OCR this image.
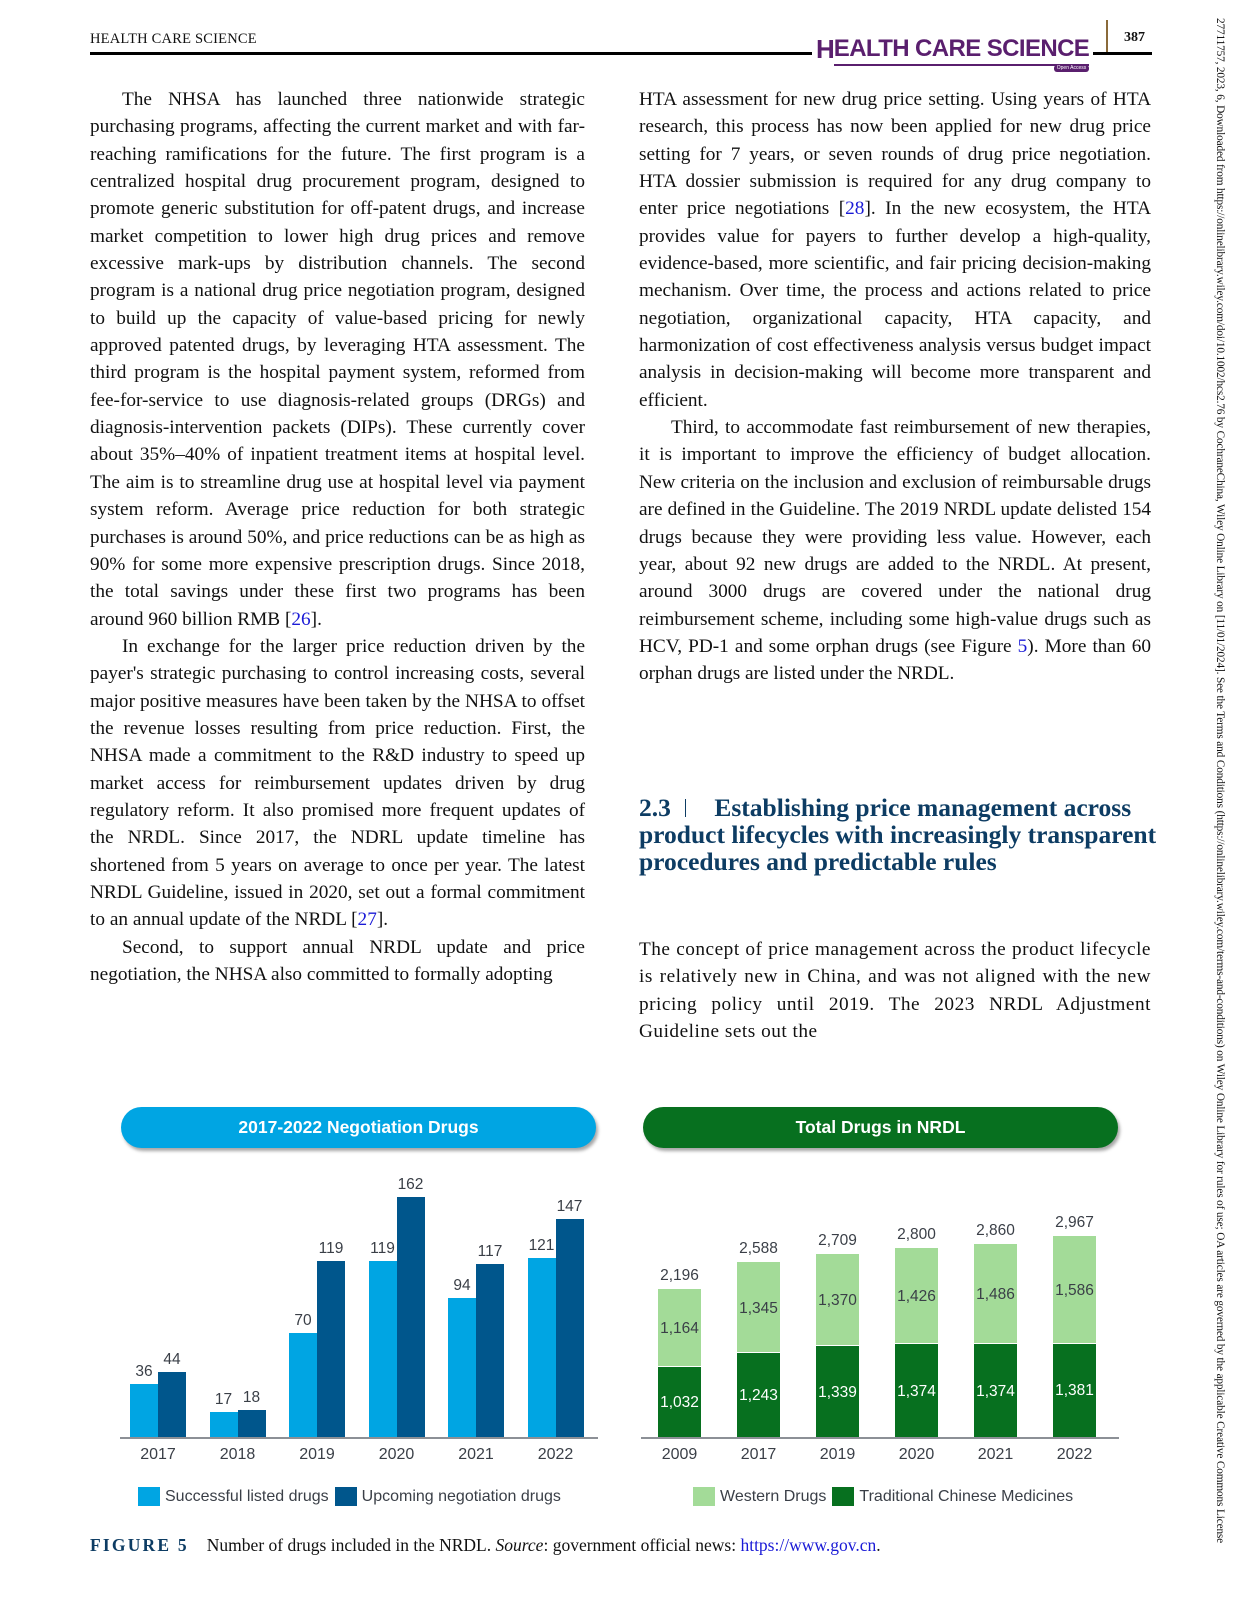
HEALTH CARE SCIENCE	H EALTH CARE SCIENCE
Open Access
387	27711757, 2023, 6, Downloaded from https://onlinelibrary.wiley.com/doi/10.1002/hcs2.76 by CochraneChina, Wiley Online Library on [11/01/2024]. See the Terms and Conditions (https://onlinelibrary.wiley.com/terms-and-conditions) on Wiley Online Library for rules of use; OA articles are governed by the applicable Creative Commons License

The NHSA has launched three nationwide strategic purchasing programs, affecting the current market and with far-reaching ramifications for the future. The first program is a centralized hospital drug procurement program, designed to promote generic substitution for off-patent drugs, and increase market competition to lower high drug prices and remove excessive mark-ups by distribution channels. The second program is a national drug price negotiation program, designed to build up the capacity of value-based pricing for newly approved patented drugs, by leveraging HTA assessment. The third program is the hospital payment system, reformed from fee-for-service to use diagnosis-related groups (DRGs) and diagnosis-intervention packets (DIPs). These currently cover about 35%–40% of inpatient treatment items at hospital level. The aim is to streamline drug use at hospital level via payment system reform. Average price reduction for both strategic purchases is around 50%, and price reductions can be as high as 90% for some more expensive prescription drugs. Since 2018, the total savings under these first two programs has been around 960 billion RMB [26].

In exchange for the larger price reduction driven by the payer's strategic purchasing to control increasing costs, several major positive measures have been taken by the NHSA to offset the revenue losses resulting from price reduction. First, the NHSA made a commitment to the R&D industry to speed up market access for reimbursement updates driven by drug regulatory reform. It also promised more frequent updates of the NRDL. Since 2017, the NDRL update timeline has shortened from 5 years on average to once per year. The latest NRDL Guideline, issued in 2020, set out a formal commitment to an annual update of the NRDL [27].

Second, to support annual NRDL update and price negotiation, the NHSA also committed to formally adopting

HTA assessment for new drug price setting. Using years of HTA research, this process has now been applied for new drug price setting for 7 years, or seven rounds of drug price negotiation. HTA dossier submission is required for any drug company to enter price negotiations [28]. In the new ecosystem, the HTA provides value for payers to further develop a high-quality, evidence-based, more scientific, and fair pricing decision-making mechanism. Over time, the process and actions related to price negotiation, organizational capacity, HTA capacity, and harmonization of cost effectiveness analysis versus budget impact analysis in decision-making will become more transparent and efficient.

Third, to accommodate fast reimbursement of new therapies, it is important to improve the efficiency of budget allocation. New criteria on the inclusion and exclusion of reimbursable drugs are defined in the Guideline. The 2019 NRDL update delisted 154 drugs because they were providing less value. However, each year, about 92 new drugs are added to the NRDL. At present, around 3000 drugs are covered under the national drug reimbursement scheme, including some high-value drugs such as HCV, PD-1 and some orphan drugs (see Figure 5). More than 60 orphan drugs are listed under the NRDL.

2.3 Establishing price management across product lifecycles with increasingly transparent procedures and predictable rules
The concept of price management across the product lifecycle is relatively new in China, and was not aligned with the new pricing policy until 2019. The 2023 NRDL Adjustment Guideline sets out the
2017-2022 Negotiation Drugs
36
44
2017
17 18
2018
70
119
2019
119
162
2020
94
117
2021
121
147
2022
Total Drugs in NRDL
1,032
1,164
2,196
2009
1,243
1,345
2,588
2017
1,339
1,370
2,709
2019
1,374
1,426
2,800
2020
1,374
1,486
2,860
2021
1,381
1,586
2,967
2022
Successful listed drugs Upcoming negotiation drugs	Western Drugs Traditional Chinese Medicines
FIGURE 5 Number of drugs included in the NRDL. Source: government official news: https://www.gov.cn.
